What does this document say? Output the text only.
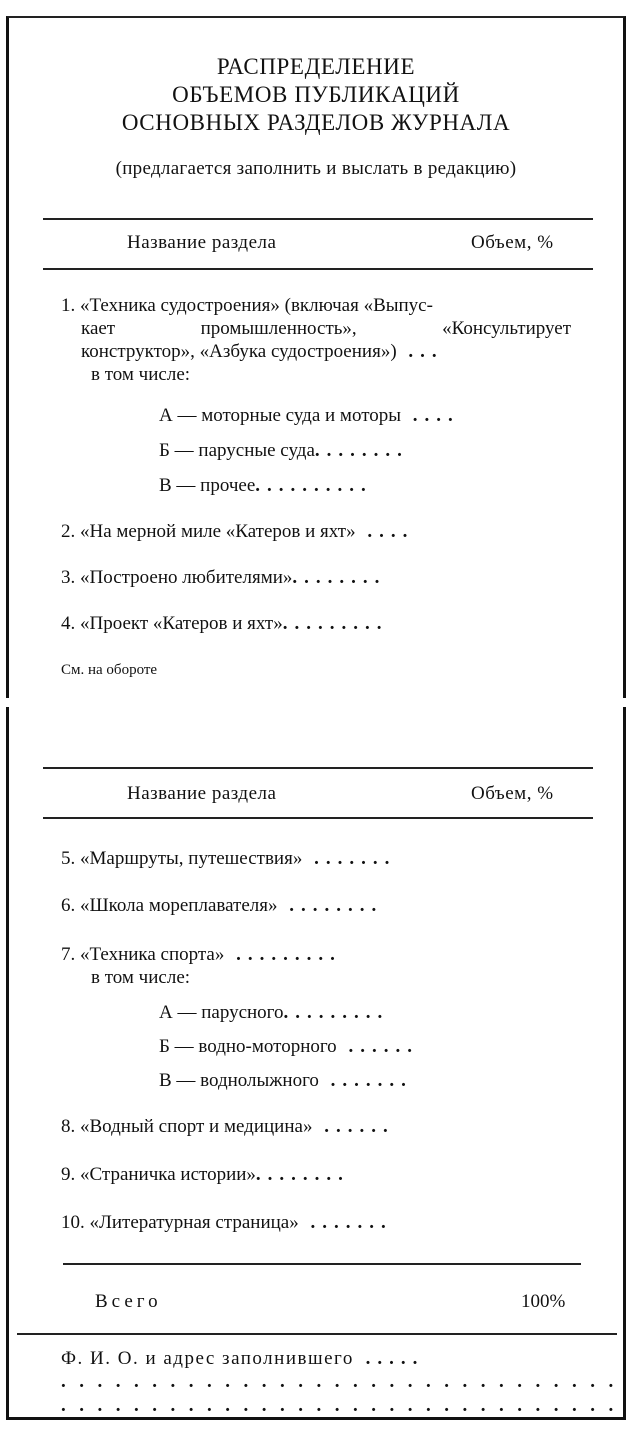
РАСПРЕДЕЛЕНИЕ
ОБЪЕМОВ ПУБЛИКАЦИЙ
ОСНОВНЫХ РАЗДЕЛОВ ЖУРНАЛА
(предлагается заполнить и выслать в редакцию)
Название раздела	Объем, %
1. «Техника судостроения» (включая «Выпус-
кает промышленность», «Консультирует
конструктор», «Азбука судостроения») ...
в том числе:
А — моторные суда и моторы ....
Б — парусные суда........
В — прочее..........
2. «На мерной миле «Катеров и яхт» ....
3. «Построено любителями»........
4. «Проект «Катеров и яхт».........
См. на обороте
Название раздела	Объем, %
5. «Маршруты, путешествия» .......
6. «Школа мореплавателя» ........
7. «Техника спорта» .........
в том числе:
А — парусного.........
Б — водно-моторного ......
В — воднолыжного .......
8. «Водный спорт и медицина» ......
9. «Страничка истории»........
10. «Литературная страница» .......
Всего	100%
Ф. И. О. и адрес заполнившего .....
...............................
...............................
